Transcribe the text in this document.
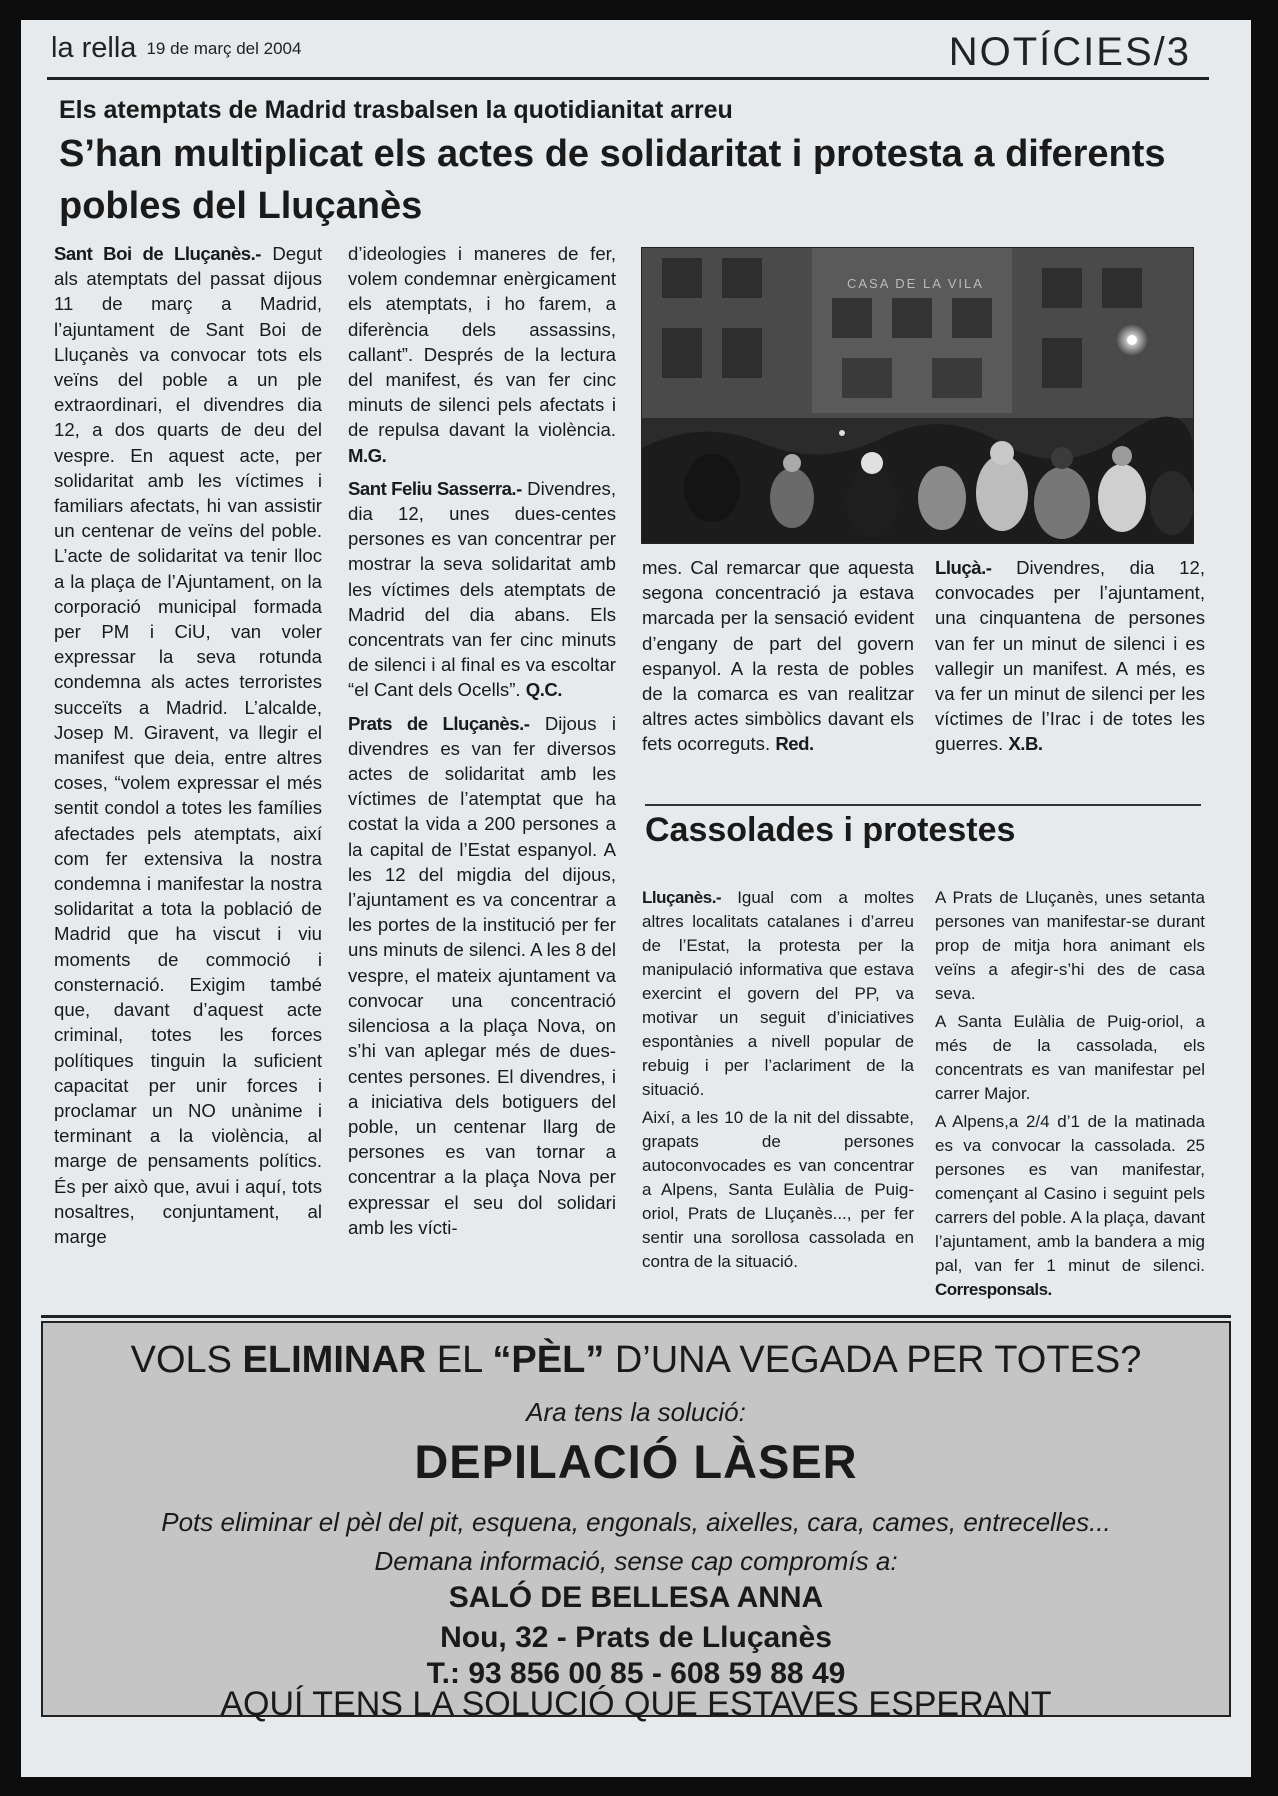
la rella 19 de març del 2004	NOTÍCIES/3
Els atemptats de Madrid trasbalsen la quotidianitat arreu
S’han multiplicat els actes de solidaritat i protesta a diferents pobles del Lluçanès

Sant Boi de Lluçanès.- Degut als atemptats del passat dijous 11 de març a Madrid, l’ajuntament de Sant Boi de Lluçanès va convocar tots els veïns del poble a un ple extraordinari, el divendres dia 12, a dos quarts de deu del vespre. En aquest acte, per solidaritat amb les víctimes i familiars afectats, hi van assistir un centenar de veïns del poble. L’acte de solidaritat va tenir lloc a la plaça de l’Ajuntament, on la corporació municipal formada per PM i CiU, van voler expressar la seva rotunda condemna als actes terroristes succeïts a Madrid. L’alcalde, Josep M. Giravent, va llegir el manifest que deia, entre altres coses, “volem expressar el més sentit condol a totes les famílies afectades pels atemptats, així com fer extensiva la nostra condemna i manifestar la nostra solidaritat a tota la població de Madrid que ha viscut i viu moments de commoció i consternació. Exigim també que, davant d’aquest acte criminal, totes les forces polítiques tinguin la suficient capacitat per unir forces i proclamar un NO unànime i terminant a la violència, al marge de pensaments polítics. És per això que, avui i aquí, tots nosaltres, conjuntament, al marge

d’ideologies i maneres de fer, volem condemnar enèrgicament els atemptats, i ho farem, a diferència dels assassins, callant”. Després de la lectura del manifest, és van fer cinc minuts de silenci pels afectats i de repulsa davant la violència. M.G.

Sant Feliu Sasserra.- Divendres, dia 12, unes dues-centes persones es van concentrar per mostrar la seva solidaritat amb les víctimes dels atemptats de Madrid del dia abans. Els concentrats van fer cinc minuts de silenci i al final es va escoltar “el Cant dels Ocells”. Q.C.

Prats de Lluçanès.- Dijous i divendres es van fer diversos actes de solidaritat amb les víctimes de l’atemptat que ha costat la vida a 200 persones a la capital de l’Estat espanyol. A les 12 del migdia del dijous, l’ajuntament es va concentrar a les portes de la institució per fer uns minuts de silenci. A les 8 del vespre, el mateix ajuntament va convocar una concentració silenciosa a la plaça Nova, on s’hi van aplegar més de dues-centes persones. El divendres, i a iniciativa dels botiguers del poble, un centenar llarg de persones es van tornar a concentrar a la plaça Nova per expressar el seu dol solidari amb les vícti-

CASA DE LA VILA

mes. Cal remarcar que aquesta segona concentració ja estava marcada per la sensació evident d’engany de part del govern espanyol. A la resta de pobles de la comarca es van realitzar altres actes simbòlics davant els fets ocorreguts. Red.

Lluçà.- Divendres, dia 12, convocades per l’ajuntament, una cinquantena de persones van fer un minut de silenci i es vallegir un manifest. A més, es va fer un minut de silenci per les víctimes de l’Irac i de totes les guerres. X.B.

Cassolades i protestes

Lluçanès.- Igual com a moltes altres localitats catalanes i d’arreu de l’Estat, la protesta per la manipulació informativa que estava exercint el govern del PP, va motivar un seguit d’iniciatives espontànies a nivell popular de rebuig i per l’aclariment de la situació.

Així, a les 10 de la nit del dissabte, grapats de persones autoconvocades es van concentrar a Alpens, Santa Eulàlia de Puig-oriol, Prats de Lluçanès..., per fer sentir una sorollosa cassolada en contra de la situació.

A Prats de Lluçanès, unes setanta persones van manifestar-se durant prop de mitja hora animant els veïns a afegir-s’hi des de casa seva.

A Santa Eulàlia de Puig-oriol, a més de la cassolada, els concentrats es van manifestar pel carrer Major.

A Alpens,a 2/4 d’1 de la matinada es va convocar la cassolada. 25 persones es van manifestar, començant al Casino i seguint pels carrers del poble. A la plaça, davant l’ajuntament, amb la bandera a mig pal, van fer 1 minut de silenci. Corresponsals.

VOLS ELIMINAR EL “PÈL” D’UNA VEGADA PER TOTES?
Ara tens la solució:
DEPILACIÓ LÀSER
Pots eliminar el pèl del pit, esquena, engonals, aixelles, cara, cames, entrecelles...
Demana informació, sense cap compromís a:
SALÓ DE BELLESA ANNA
Nou, 32 - Prats de Lluçanès
T.: 93 856 00 85 - 608 59 88 49
AQUÍ TENS LA SOLUCIÓ QUE ESTAVES ESPERANT
